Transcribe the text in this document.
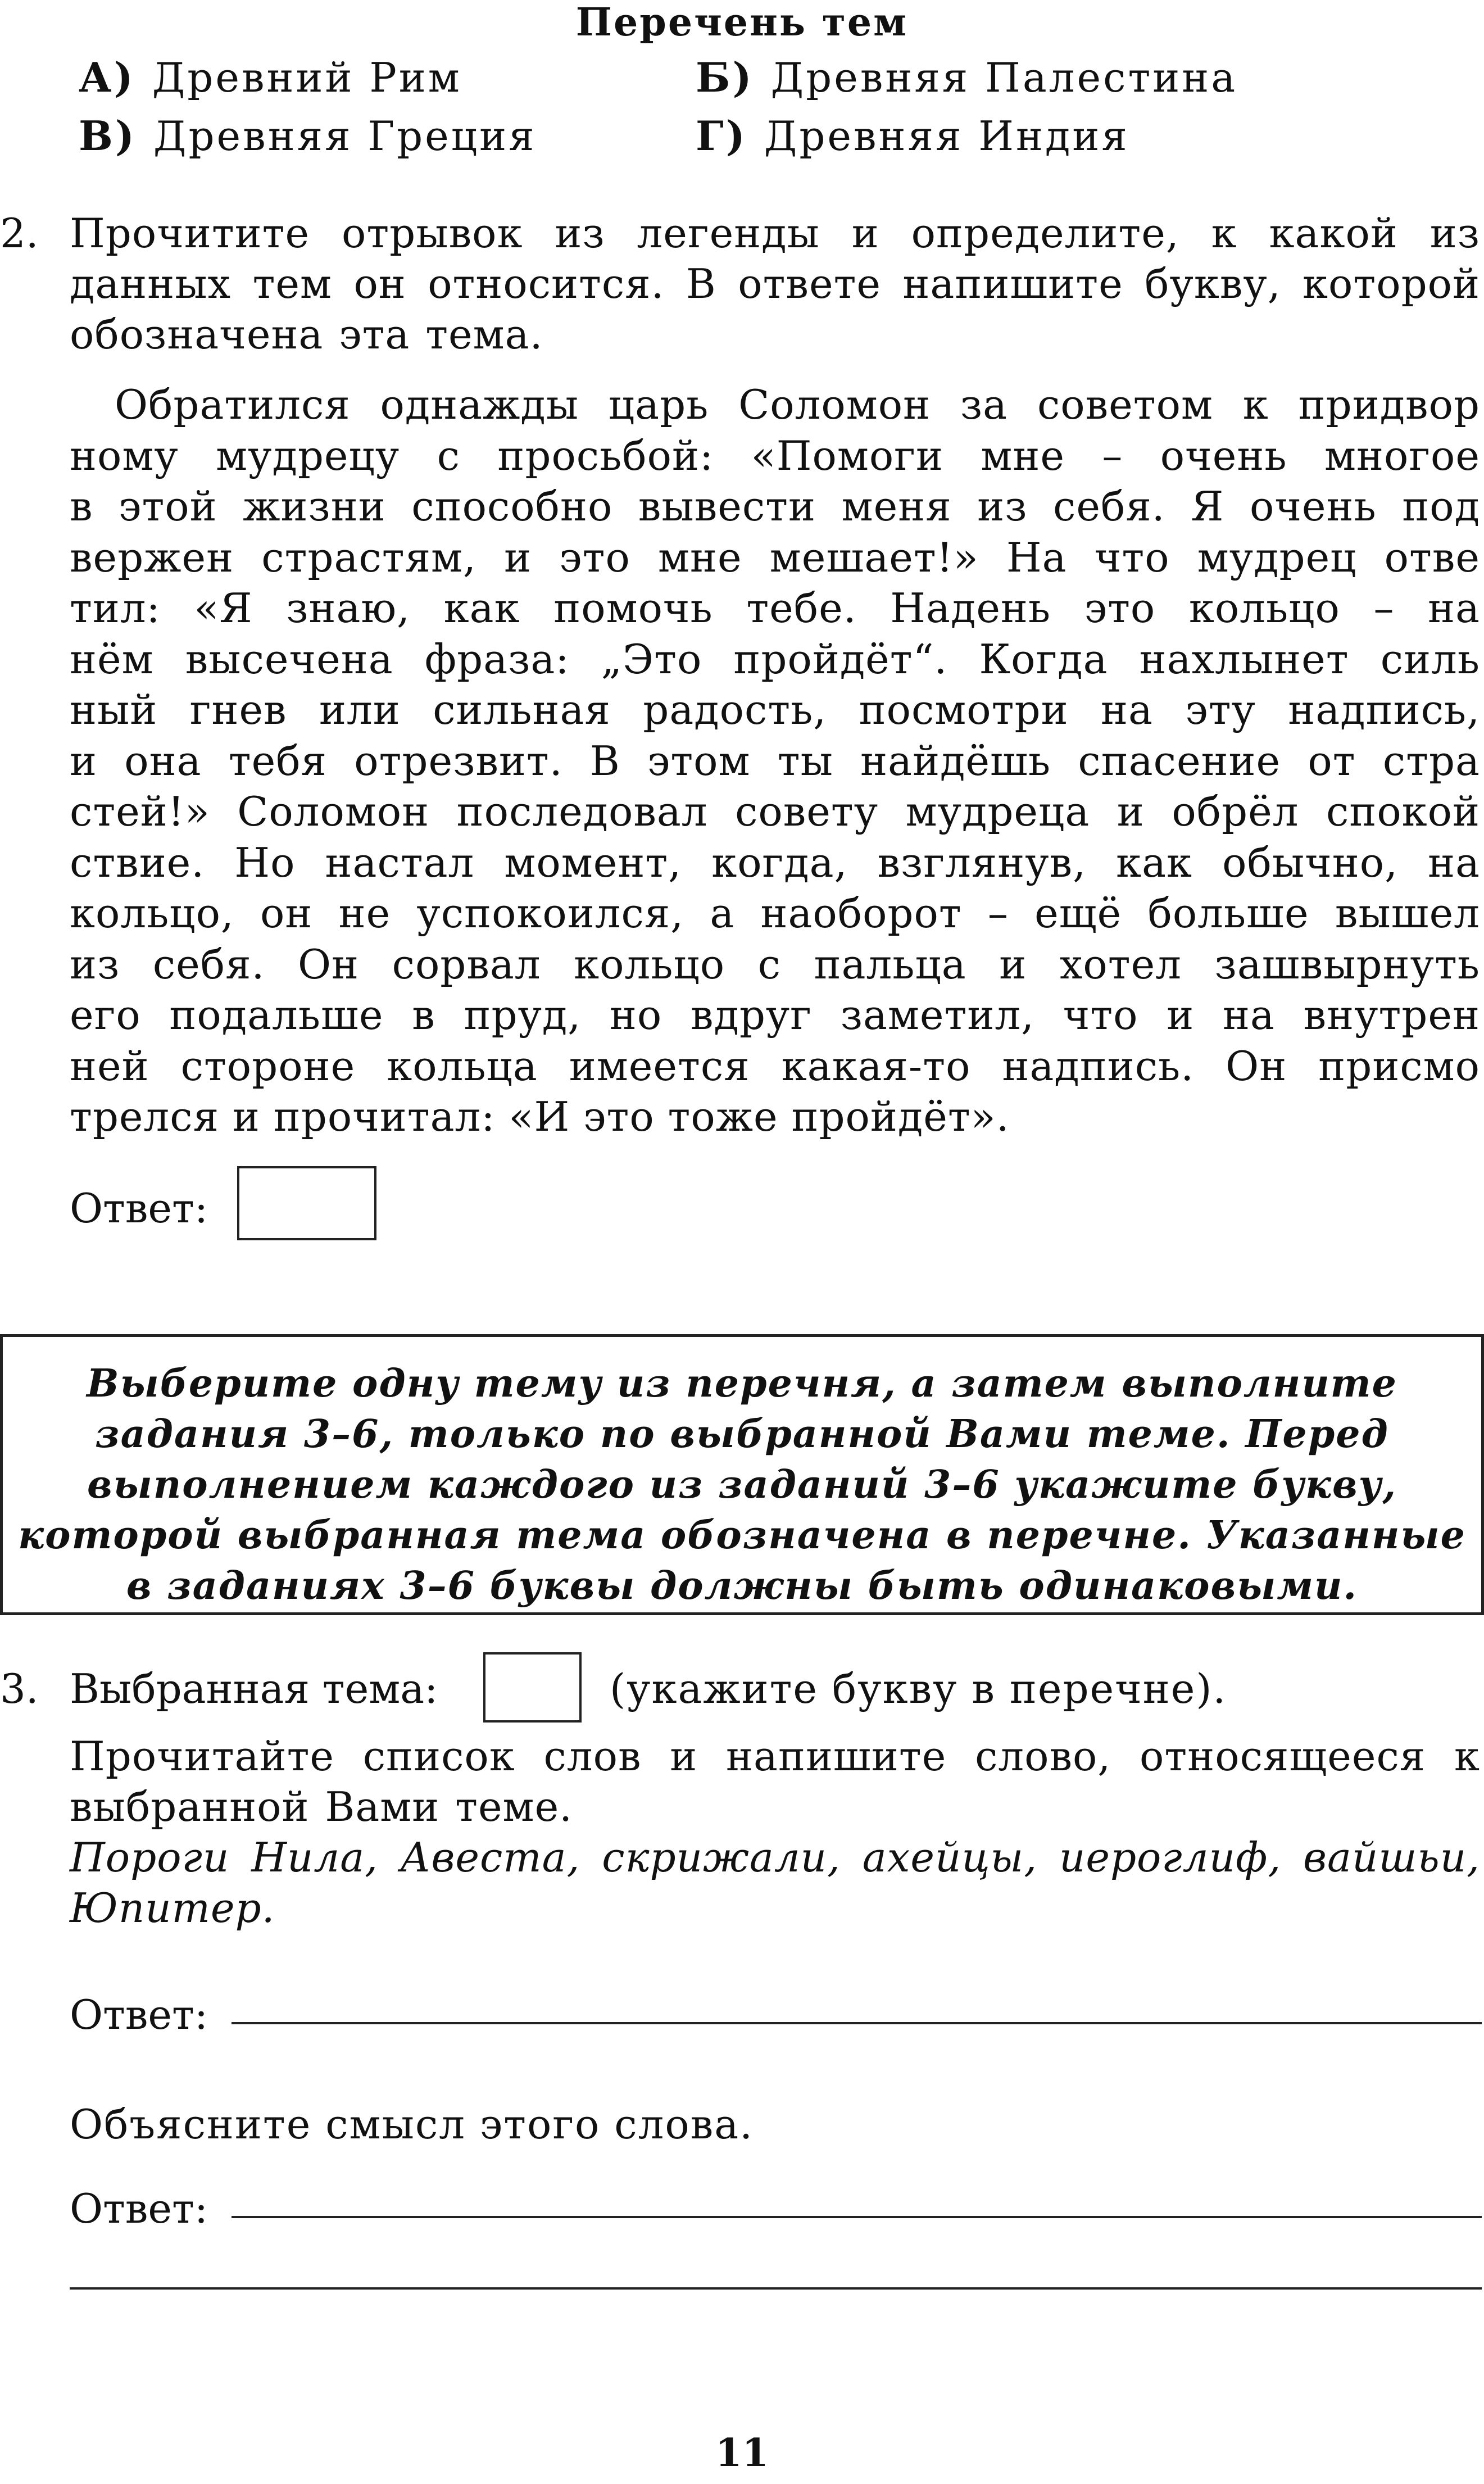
Перечень тем
А) Древний Рим	Б) Древняя Палестина
В) Древняя Греция	Г) Древняя Индия
2. Прочитите отрывок из легенды и определите, к какой из данных тем он относится. В ответе напишите букву, которой обозначена эта тема.
Обратился однажды царь Соломон за советом к придвор
ному мудрецу с просьбой: «Помоги мне – очень многое
в этой жизни способно вывести меня из себя. Я очень под
вержен страстям, и это мне мешает!» На что мудрец отве
тил: «Я знаю, как помочь тебе. Надень это кольцо – на
нём высечена фраза: „Это пройдёт“. Когда нахлынет силь
ный гнев или сильная радость, посмотри на эту надпись,
и она тебя отрезвит. В этом ты найдёшь спасение от стра
стей!» Соломон последовал совету мудреца и обрёл спокой
ствие. Но настал момент, когда, взглянув, как обычно, на
кольцо, он не успокоился, а наоборот – ещё больше вышел
из себя. Он сорвал кольцо с пальца и хотел зашвырнуть
его подальше в пруд, но вдруг заметил, что и на внутрен
ней стороне кольца имеется какая-то надпись. Он присмо
трелся и прочитал: «И это тоже пройдёт».
Ответ:
Выберите одну тему из перечня, а затем выполните задания 3–6, только по выбранной Вами теме. Перед выполнением каждого из заданий 3–6 укажите букву, которой выбранная тема обозначена в перечне. Указанные в заданиях 3–6 буквы должны быть одинаковыми.
3. Выбранная тема:	(укажите букву в перечне).
Прочитайте список слов и напишите слово, относящееся к выбранной Вами теме.
Пороги Нила, Авеста, скрижали, ахейцы, иероглиф, вайшьи, Юпитер.
Ответ:
Объясните смысл этого слова.
Ответ:
11
